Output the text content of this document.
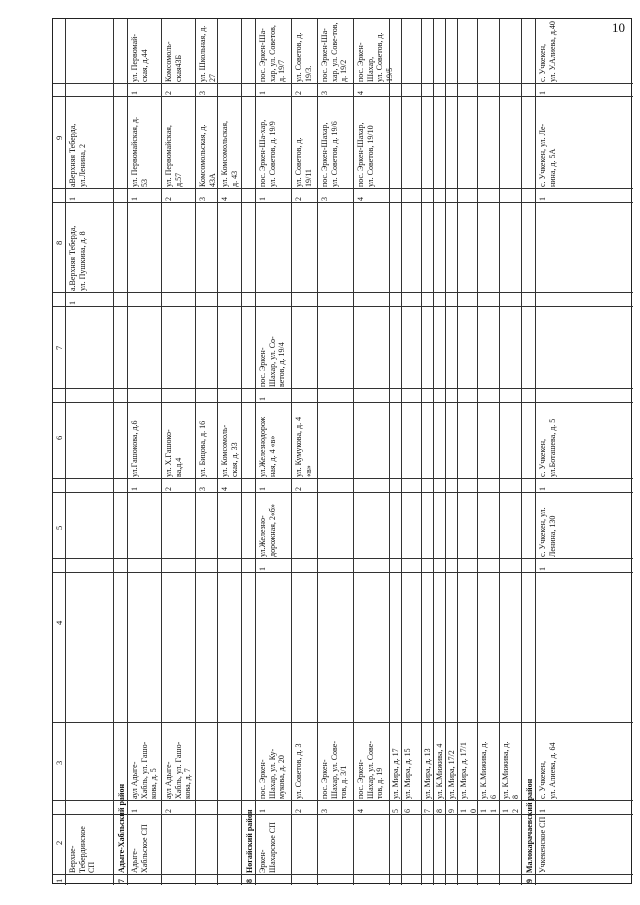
10
1
2
3
4
5
6
7
8
9
Верхне-
Тебердинское
СП
1
а.Верхняя Теберда,
ул. Пушкина, д. 8
1
аВерхняя Теберда,
ул.Ленина, 2
7
Адыге-Хабльский район Адыге-
Хабльское СП
1
аул Адыге-
Хабль, ул. Гашо-
кова, д. 5
1
ул.Гашокова, д.6
1
ул. Первомайская, д.
53
1
ул. Первомай-
ская, д.44
2
аул Адыге-
Хабль, ул. Гашо-
кова, д. 7
2
ул. Х.Гашоко-
ва,д.4
2
ул. Первомайская,
д.57
2
Комсомоль-
ская43Б
3
ул. Бицова, д. 16
3
Комсомольская, д.
43А
3
ул. Школьная, д.
27
4
ул. Комсомоль-
ская, д. 33
4
ул. Комсомольская,
д. 43
8
Ногайский район Эркен-
Шахарское СП
1
пос. Эркен-
Шахар, ул. Ку-
мукова, д. 20
1
ул.Железно-
дорожная, 2«б»
1
ул.Железнодорож
ная, д. 4 «в»
1
пос. Эркен-
Шахар, ул. Со-
ветов, д. 19/4
1
пос. Эркен-Ша-хар,
ул. Советов, д. 19/9
1
пос. Эркен-Ша-
хар, ул. Советов,
д. 19/7
2
ул. Советов, д. 3
2
ул. Кумукова, д. 4
«в»
2
ул. Советов, д.
19/11
2
ул. Советов, д.
19/3.
3
пос. Эркен-
Шахар, ул. Сове-
тов, д. 3/1
3
пос. Эркен-Шахар,
ул. Советов, д. 19/6
3
пос. Эркен-Ша-
хар, ул. Сове-тов,
д. 19/2
4
пос. Эркен-
Шахар, ул. Сове-
тов, д. 19
4
пос. Эркен-Шахар,
ул. Советов, 19/10
4
пос. Эркен-Шахар,
ул. Советов, д. 19/5
5
ул. Мира, д. 17
6
ул. Мира, д. 15
7
ул. Мира, д. 13
8
ул. К.Мижива, 4
9
ул. Мира, 17/2
1
0
ул. Мира, д. 17/1
1
1
ул. К.Мижива, д.
6
1
2
ул. К.Мижива, д.
8
9
Малокарачаевский район Учкекенское СП
1
с. Учкекен,
ул. Алиева, д. 64
1
с. Учкекен, ул.
Ленина, 130
1
с. Учкекен,
ул.Боташева, д. 5
1
с. Учкекен, ул. Ле-
нина, д. 5А
1
с. Учкекен,
ул. У.Алиева, д.40
